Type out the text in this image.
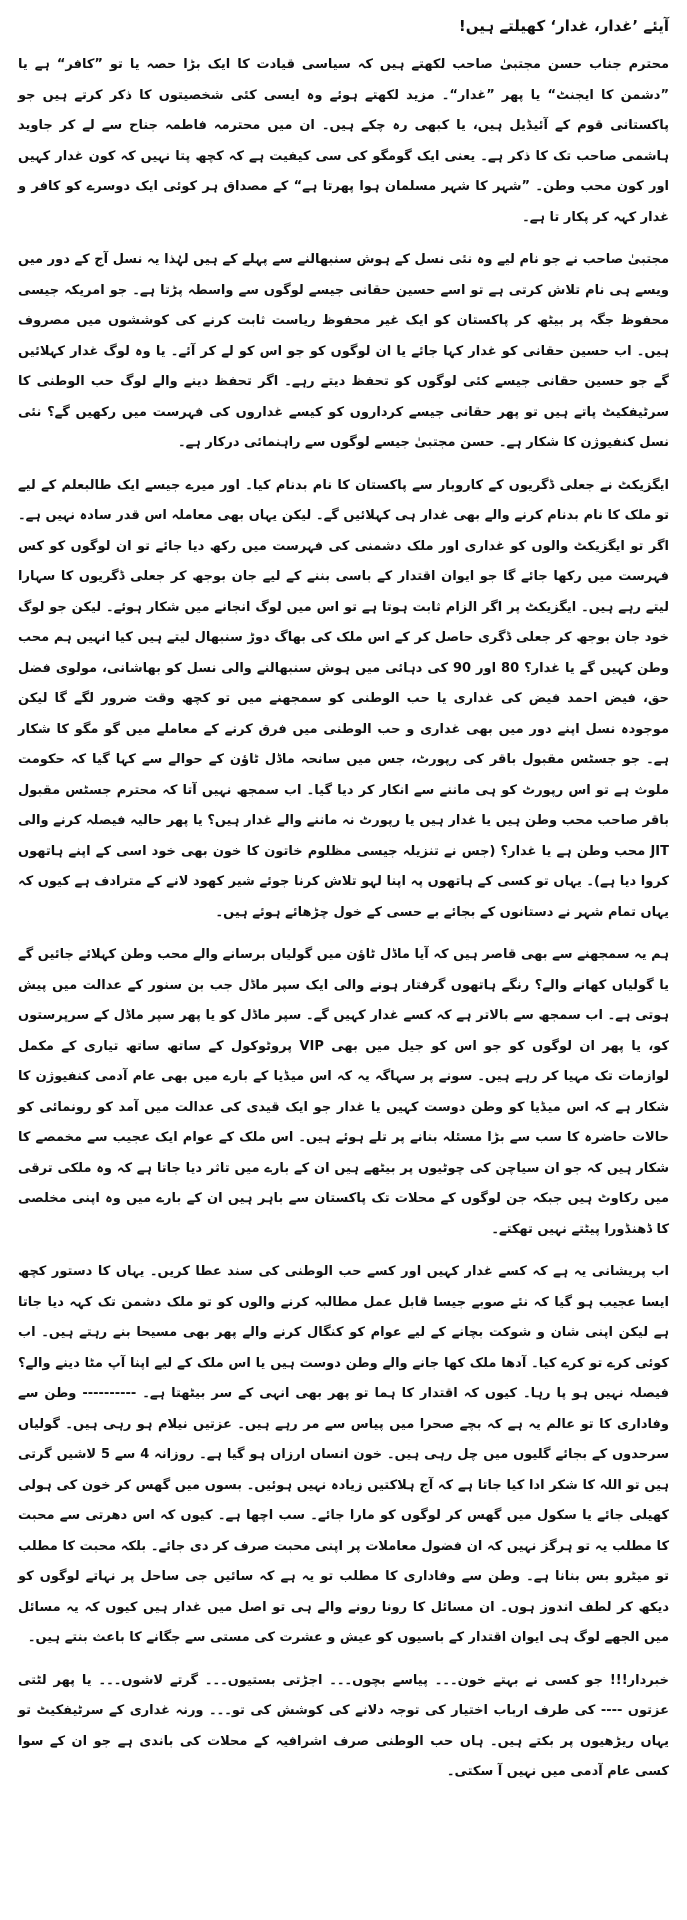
آیئے ’غدار، غدار‘ کھیلتے ہیں!

محترم جناب حسن مجتبیٰ صاحب لکھتے ہیں کہ سیاسی قیادت کا ایک بڑا حصہ یا تو ”کافر“ ہے یا ”دشمن کا ایجنٹ“ یا پھر ”غدار“۔ مزید لکھتے ہوئے وہ ایسی کئی شخصیتوں کا ذکر کرتے ہیں جو پاکستانی قوم کے آئیڈیل ہیں، یا کبھی رہ چکے ہیں۔ ان میں محترمہ فاطمہ جناح سے لے کر جاوید ہاشمی صاحب تک کا ذکر ہے۔ یعنی ایک گومگو کی سی کیفیت ہے کہ کچھ پتا نہیں کہ کون غدار کہیں اور کون محب وطن۔ ”شہر کا شہر مسلمان ہوا پھرتا ہے“ کے مصداق ہر کوئی ایک دوسرے کو کافر و غدار کہہ کر پکار تا ہے۔

مجتبیٰ صاحب نے جو نام لیے وہ نئی نسل کے ہوش سنبھالنے سے پہلے کے ہیں لہٰذا یہ نسل آج کے دور میں ویسے ہی نام تلاش کرتی ہے تو اسے حسین حقانی جیسے لوگوں سے واسطہ پڑتا ہے۔ جو امریکہ جیسی محفوظ جگہ پر بیٹھ کر پاکستان کو ایک غیر محفوظ ریاست ثابت کرنے کی کوششوں میں مصروف ہیں۔ اب حسین حقانی کو غدار کہا جائے یا ان لوگوں کو جو اس کو لے کر آئے۔ یا وہ لوگ غدار کہلائیں گے جو حسین حقانی جیسے کئی لوگوں کو تحفظ دیتے رہے۔ اگر تحفظ دینے والے لوگ حب الوطنی کا سرٹیفکیٹ پاتے ہیں تو پھر حقانی جیسے کرداروں کو کیسے غداروں کی فہرست میں رکھیں گے؟ نئی نسل کنفیوژن کا شکار ہے۔ حسن مجتبیٰ جیسے لوگوں سے راہنمائی درکار ہے۔

ایگزیکٹ نے جعلی ڈگریوں کے کاروبار سے پاکستان کا نام بدنام کیا۔ اور میرے جیسے ایک طالبعلم کے لیے تو ملک کا نام بدنام کرنے والے بھی غدار ہی کہلائیں گے۔ لیکن یہاں بھی معاملہ اس قدر سادہ نہیں ہے۔ اگر تو ایگزیکٹ والوں کو غداری اور ملک دشمنی کی فہرست میں رکھ دیا جائے تو ان لوگوں کو کس فہرست میں رکھا جائے گا جو ایوان اقتدار کے باسی بننے کے لیے جان بوجھ کر جعلی ڈگریوں کا سہارا لیتے رہے ہیں۔ ایگزیکٹ پر اگر الزام ثابت ہوتا ہے تو اس میں لوگ انجانے میں شکار ہوئے۔ لیکن جو لوگ خود جان بوجھ کر جعلی ڈگری حاصل کر کے اس ملک کی بھاگ دوڑ سنبھال لیتے ہیں کیا انہیں ہم محب وطن کہیں گے یا غدار؟ 80 اور 90 کی دہائی میں ہوش سنبھالنے والی نسل کو بھاشانی، مولوی فضل حق، فیض احمد فیض کی غداری یا حب الوطنی کو سمجھنے میں تو کچھ وقت ضرور لگے گا لیکن موجودہ نسل اپنے دور میں بھی غداری و حب الوطنی میں فرق کرنے کے معاملے میں گو مگو کا شکار ہے۔ جو جسٹس مقبول باقر کی رپورٹ، جس میں سانحہ ماڈل ٹاؤن کے حوالے سے کہا گیا کہ حکومت ملوث ہے تو اس رپورٹ کو ہی ماننے سے انکار کر دیا گیا۔ اب سمجھ نہیں آتا کہ محترم جسٹس مقبول باقر صاحب محب وطن ہیں یا غدار ہیں یا رپورٹ نہ ماننے والے غدار ہیں؟ یا پھر حالیہ فیصلہ کرنے والی JIT محب وطن ہے یا غدار؟ (جس نے تنزیلہ جیسی مظلوم خاتون کا خون بھی خود اسی کے اپنے ہاتھوں کروا دیا ہے)۔ یہاں تو کسی کے ہاتھوں پہ اپنا لہو تلاش کرنا جوئے شیر کھود لانے کے مترادف ہے کیوں کہ یہاں تمام شہر نے دستانوں کے بجائے بے حسی کے خول چڑھائے ہوئے ہیں۔

ہم یہ سمجھنے سے بھی قاصر ہیں کہ آیا ماڈل ٹاؤن میں گولیاں برسانے والے محب وطن کہلائے جائیں گے یا گولیاں کھانے والے؟ رنگے ہاتھوں گرفتار ہونے والی ایک سپر ماڈل جب بن سنور کے عدالت میں پیش ہوتی ہے۔ اب سمجھ سے بالاتر ہے کہ کسے غدار کہیں گے۔ سپر ماڈل کو یا پھر سپر ماڈل کے سرپرستوں کو، یا پھر ان لوگوں کو جو اس کو جیل میں بھی VIP پروٹوکول کے ساتھ ساتھ تیاری کے مکمل لوازمات تک مہیا کر رہے ہیں۔ سونے پر سہاگہ یہ کہ اس میڈیا کے بارے میں بھی عام آدمی کنفیوژن کا شکار ہے کہ اس میڈیا کو وطن دوست کہیں یا غدار جو ایک قیدی کی عدالت میں آمد کو رونمائی کو حالات حاضرہ کا سب سے بڑا مسئلہ بنانے پر تلے ہوئے ہیں۔ اس ملک کے عوام ایک عجیب سے مخمصے کا شکار ہیں کہ جو ان سیاچن کی چوٹیوں پر بیٹھے ہیں ان کے بارے میں تاثر دیا جاتا ہے کہ وہ ملکی ترقی میں رکاوٹ ہیں جبکہ جن لوگوں کے محلات تک پاکستان سے باہر ہیں ان کے بارے میں وہ اپنی مخلصی کا ڈھنڈورا پیٹتے نہیں تھکتے۔

اب پریشانی یہ ہے کہ کسے غدار کہیں اور کسے حب الوطنی کی سند عطا کریں۔ یہاں کا دستور کچھ ایسا عجیب ہو گیا کہ نئے صوبے جیسا قابل عمل مطالبہ کرنے والوں کو تو ملک دشمن تک کہہ دیا جاتا ہے لیکن اپنی شان و شوکت بچانے کے لیے عوام کو کنگال کرنے والے پھر بھی مسیحا بنے رہتے ہیں۔ اب کوئی کرے تو کرے کیا۔ آدھا ملک کھا جانے والے وطن دوست ہیں یا اس ملک کے لیے اپنا آپ مٹا دینے والے؟ فیصلہ نہیں ہو پا رہا۔ کیوں کہ اقتدار کا ہما تو پھر بھی انہی کے سر بیٹھتا ہے۔ ---------- وطن سے وفاداری کا تو عالم یہ ہے کہ بچے صحرا میں پیاس سے مر رہے ہیں۔ عزتیں نیلام ہو رہی ہیں۔ گولیاں سرحدوں کے بجائے گلیوں میں چل رہی ہیں۔ خون انساں ارزاں ہو گیا ہے۔ روزانہ 4 سے 5 لاشیں گرتی ہیں تو اللہ کا شکر ادا کیا جاتا ہے کہ آج ہلاکتیں زیادہ نہیں ہوئیں۔ بسوں میں گھس کر خون کی ہولی کھیلی جائے یا سکول میں گھس کر لوگوں کو مارا جائے۔ سب اچھا ہے۔ کیوں کہ اس دھرتی سے محبت کا مطلب یہ تو ہرگز نہیں کہ ان فضول معاملات پر اپنی محبت صرف کر دی جائے۔ بلکہ محبت کا مطلب تو میٹرو بس بنانا ہے۔ وطن سے وفاداری کا مطلب تو یہ ہے کہ سائیں جی ساحل پر نہاتے لوگوں کو دیکھ کر لطف اندوز ہوں۔ ان مسائل کا رونا رونے والے ہی تو اصل میں غدار ہیں کیوں کہ یہ مسائل میں الجھے لوگ ہی ایوان اقتدار کے باسیوں کو عیش و عشرت کی مستی سے جگانے کا باعث بنتے ہیں۔

خبردار!!! جو کسی نے بہتے خون۔۔۔ پیاسے بچوں۔۔۔ اجڑتی بستیوں۔۔۔ گرتے لاشوں۔۔۔ یا پھر لٹتی عزتوں ---- کی طرف ارباب اختیار کی توجہ دلانے کی کوشش کی تو۔۔۔ ورنہ غداری کے سرٹیفکیٹ تو یہاں ریڑھیوں پر بکتے ہیں۔ ہاں حب الوطنی صرف اشرافیہ کے محلات کی باندی ہے جو ان کے سوا کسی عام آدمی میں نہیں آ سکتی۔
